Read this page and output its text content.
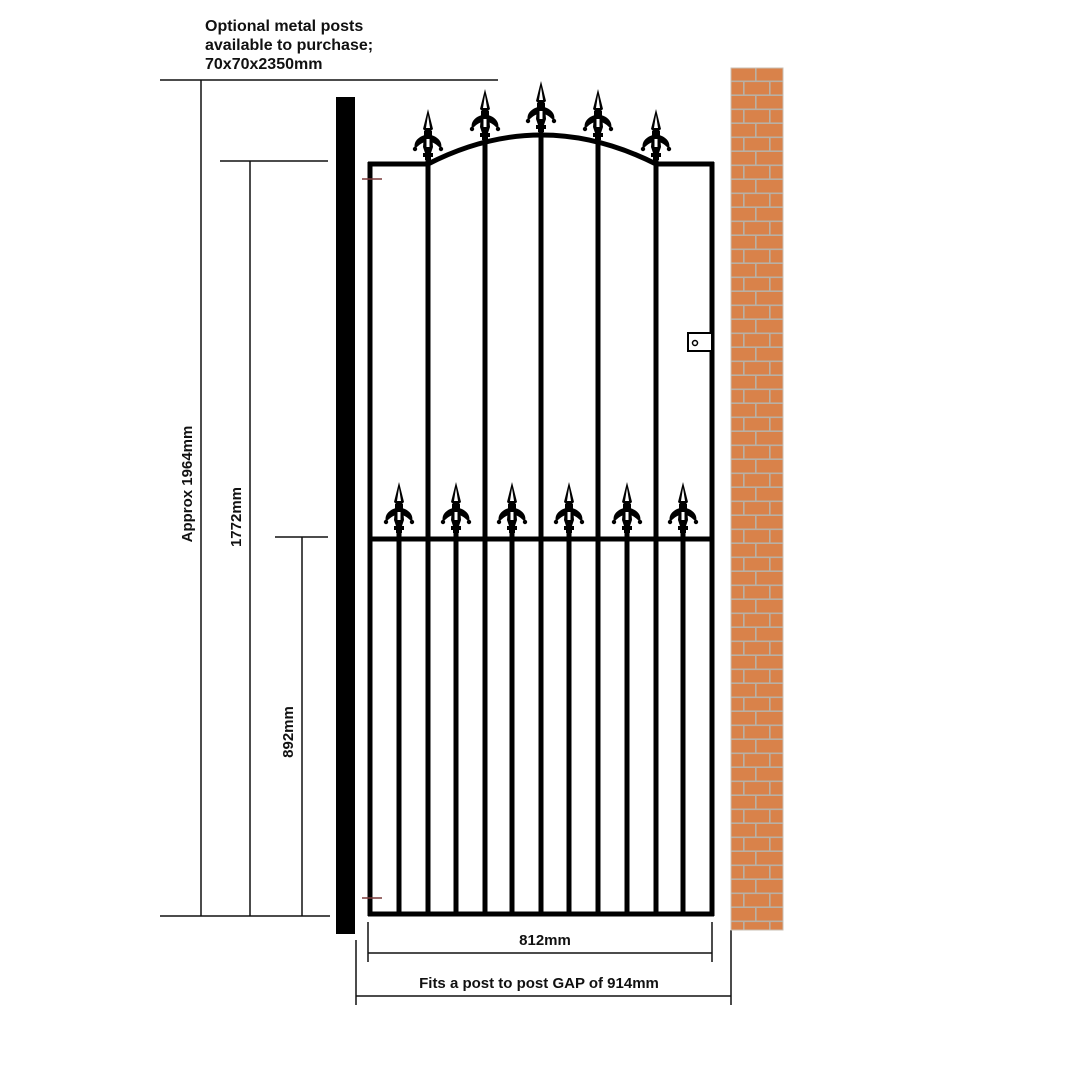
Optional metal posts
available to purchase;
70x70x2350mm
Approx 1964mm 1772mm
892mm
812mm
Fits a post to post GAP of 914mm
